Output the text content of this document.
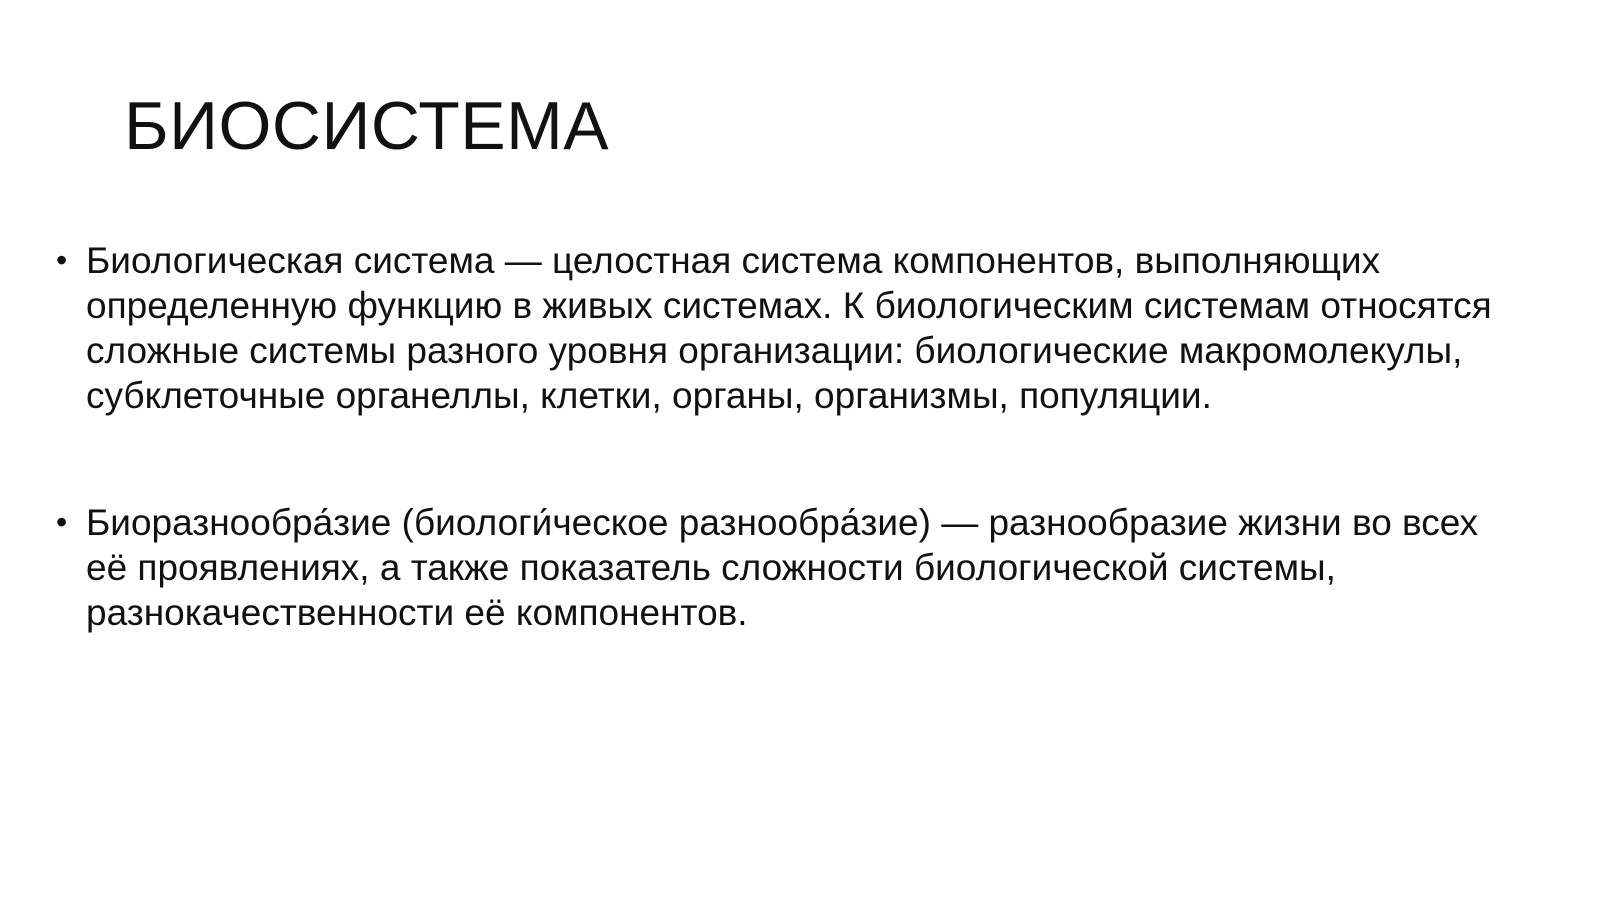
БИОСИСТЕМА
• Биологическая система — целостная система компонентов, выполняющих определенную функцию в живых системах. К биологическим системам относятся сложные системы разного уровня организации: биологические макромолекулы, субклеточные органеллы, клетки, органы, организмы, популяции.
• Биоразнообра́зие (биологи́ческое разнообра́зие) — разнообразие жизни во всех её проявлениях, а также показатель сложности биологической системы, разнокачественности её компонентов.
